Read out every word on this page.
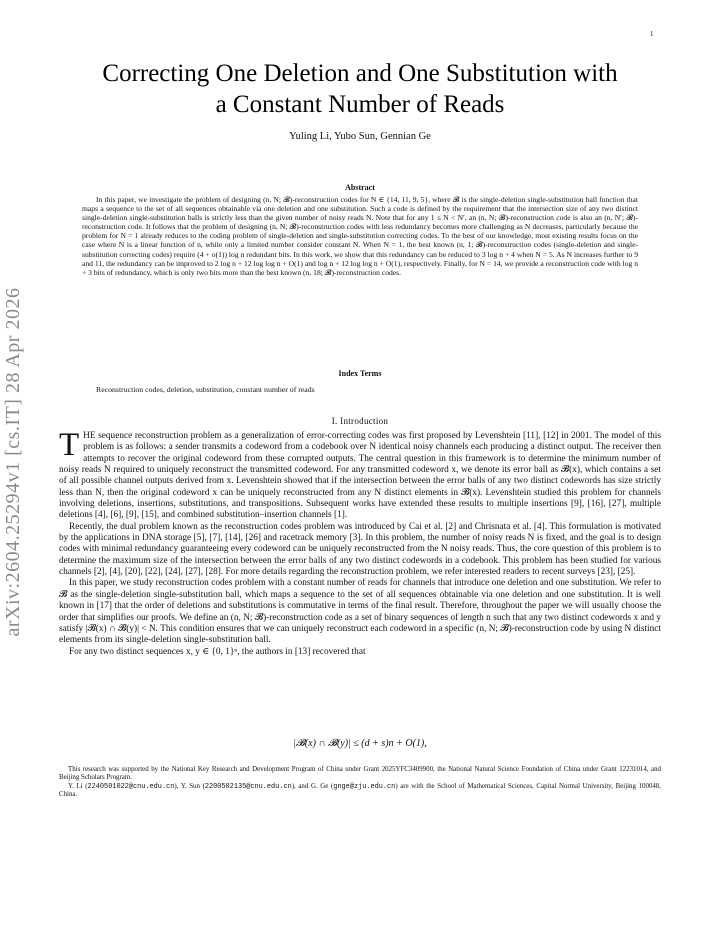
1
arXiv:2604.25294v1 [cs.IT] 28 Apr 2026
Correcting One Deletion and One Substitution with
a Constant Number of Reads
Yuling Li, Yubo Sun, Gennian Ge
Abstract
In this paper, we investigate the problem of designing (n, N; 𝓑)-reconstruction codes for N ∈ {14, 11, 9, 5}, where 𝓑 is the single-deletion single-substitution ball function that maps a sequence to the set of all sequences obtainable via one deletion and one substitution. Such a code is defined by the requirement that the intersection size of any two distinct single-deletion single-substitution balls is strictly less than the given number of noisy reads N. Note that for any 1 ≤ N < N′, an (n, N; 𝓑)-reconstruction code is also an (n, N′; 𝓑)-reconstruction code. It follows that the problem of designing (n, N; 𝓑)-reconstruction codes with less redundancy becomes more challenging as N decreases, particularly because the problem for N = 1 already reduces to the coding problem of single-deletion and single-substitution correcting codes. To the best of our knowledge, most existing results focus on the case where N is a linear function of n, while only a limited number consider constant N. When N = 1, the best known (n, 1; 𝓑)-reconstruction codes (single-deletion and single-substitution correcting codes) require (4 + o(1)) log n redundant bits. In this work, we show that this redundancy can be reduced to 3 log n + 4 when N = 5. As N increases further to 9 and 11, the redundancy can be improved to 2 log n + 12 log log n + O(1) and log n + 12 log log n + O(1), respectively. Finally, for N = 14, we provide a reconstruction code with log n + 3 bits of redundancy, which is only two bits more than the best known (n, 18; 𝓑)-reconstruction codes.
Index Terms
Reconstruction codes, deletion, substitution, constant number of reads
I. Introduction

THE sequence reconstruction problem as a generalization of error-correcting codes was first proposed by Levenshtein [11], [12] in 2001. The model of this problem is as follows: a sender transmits a codeword from a codebook over N identical noisy channels each producing a distinct output. The receiver then attempts to recover the original codeword from these corrupted outputs. The central question in this framework is to determine the minimum number of noisy reads N required to uniquely reconstruct the transmitted codeword. For any transmitted codeword x, we denote its error ball as 𝓑(x), which contains a set of all possible channel outputs derived from x. Levenshtein showed that if the intersection between the error balls of any two distinct codewords has size strictly less than N, then the original codeword x can be uniquely reconstructed from any N distinct elements in 𝓑(x). Levenshtein studied this problem for channels involving deletions, insertions, substitutions, and transpositions. Subsequent works have extended these results to multiple insertions [9], [16], [27], multiple deletions [4], [6], [9], [15], and combined substitution–insertion channels [1].

Recently, the dual problem known as the reconstruction codes problem was introduced by Cai et al. [2] and Chrisnata et al. [4]. This formulation is motivated by the applications in DNA storage [5], [7], [14], [26] and racetrack memory [3]. In this problem, the number of noisy reads N is fixed, and the goal is to design codes with minimal redundancy guaranteeing every codeword can be uniquely reconstructed from the N noisy reads. Thus, the core question of this problem is to determine the maximum size of the intersection between the error balls of any two distinct codewords in a codebook. This problem has been studied for various channels [2], [4], [20], [22], [24], [27], [28]. For more details regarding the reconstruction problem, we refer interested readers to recent surveys [23], [25].

In this paper, we study reconstruction codes problem with a constant number of reads for channels that introduce one deletion and one substitution. We refer to 𝓑 as the single-deletion single-substitution ball, which maps a sequence to the set of all sequences obtainable via one deletion and one substitution. It is well known in [17] that the order of deletions and substitutions is commutative in terms of the final result. Therefore, throughout the paper we will usually choose the order that simplifies our proofs. We define an (n, N; 𝓑)-reconstruction code as a set of binary sequences of length n such that any two distinct codewords x and y satisfy |𝓑(x) ∩ 𝓑(y)| < N. This condition ensures that we can uniquely reconstruct each codeword in a specific (n, N; 𝓑)-reconstruction code by using N distinct elements from its single-deletion single-substitution ball.

For any two distinct sequences x, y ∈ {0, 1}ⁿ, the authors in [13] recovered that

|𝓑(x) ∩ 𝓑(y)| ≤ (d + s)n + O(1),

This research was supported by the National Key Research and Development Program of China under Grant 2025YFC3409900, the National Natural Science Foundation of China under Grant 12231014, and Beijing Scholars Program.

Y. Li (2240501022@cnu.edu.cn), Y. Sun (2200502135@cnu.edu.cn), and G. Ge (gnge@zju.edu.cn) are with the School of Mathematical Sciences, Capital Normal University, Beijing 100048, China.
